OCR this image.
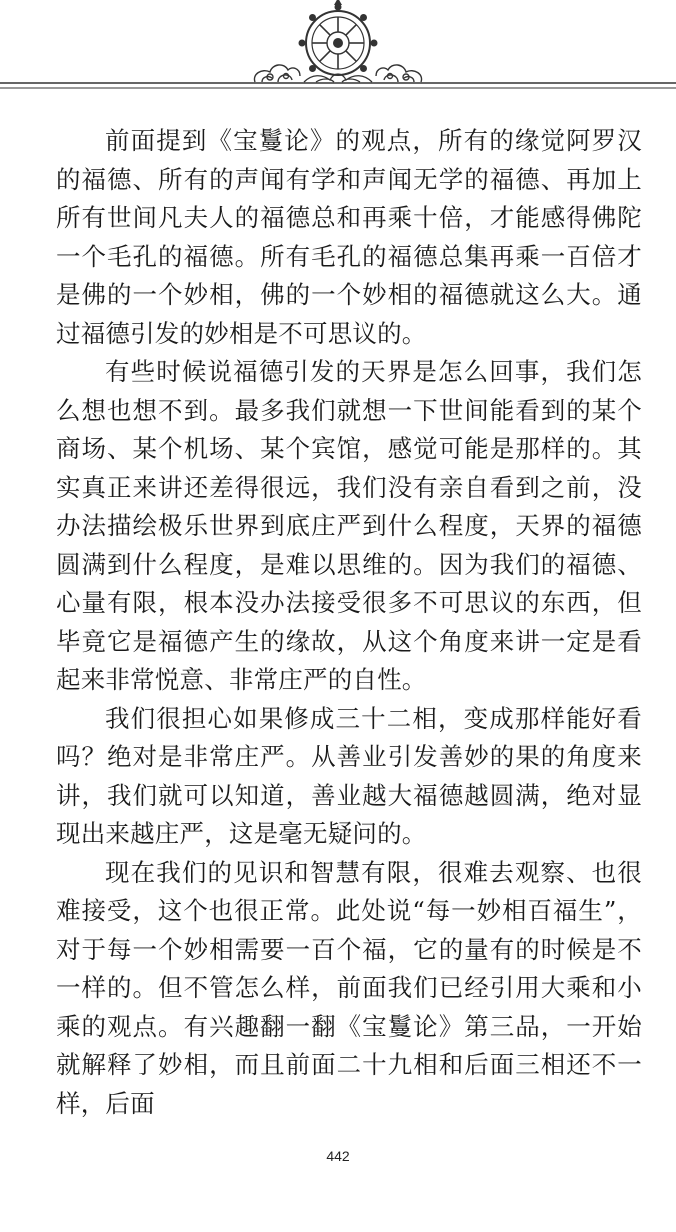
前面提到《宝鬘论》的观点，所有的缘觉阿罗汉的福德、所有的声闻有学和声闻无学的福德、再加上所有世间凡夫人的福德总和再乘十倍，才能感得佛陀一个毛孔的福德。所有毛孔的福德总集再乘一百倍才是佛的一个妙相，佛的一个妙相的福德就这么大。通过福德引发的妙相是不可思议的。

有些时候说福德引发的天界是怎么回事，我们怎么想也想不到。最多我们就想一下世间能看到的某个商场、某个机场、某个宾馆，感觉可能是那样的。其实真正来讲还差得很远，我们没有亲自看到之前，没办法描绘极乐世界到底庄严到什么程度，天界的福德圆满到什么程度，是难以思维的。因为我们的福德、心量有限，根本没办法接受很多不可思议的东西，但毕竟它是福德产生的缘故，从这个角度来讲一定是看起来非常悦意、非常庄严的自性。

我们很担心如果修成三十二相，变成那样能好看吗？绝对是非常庄严。从善业引发善妙的果的角度来讲，我们就可以知道，善业越大福德越圆满，绝对显现出来越庄严，这是毫无疑问的。

现在我们的见识和智慧有限，很难去观察、也很难接受，这个也很正常。此处说“每一妙相百福生”，对于每一个妙相需要一百个福，它的量有的时候是不一样的。但不管怎么样，前面我们已经引用大乘和小乘的观点。有兴趣翻一翻《宝鬘论》第三品，一开始就解释了妙相，而且前面二十九相和后面三相还不一样，后面

442
